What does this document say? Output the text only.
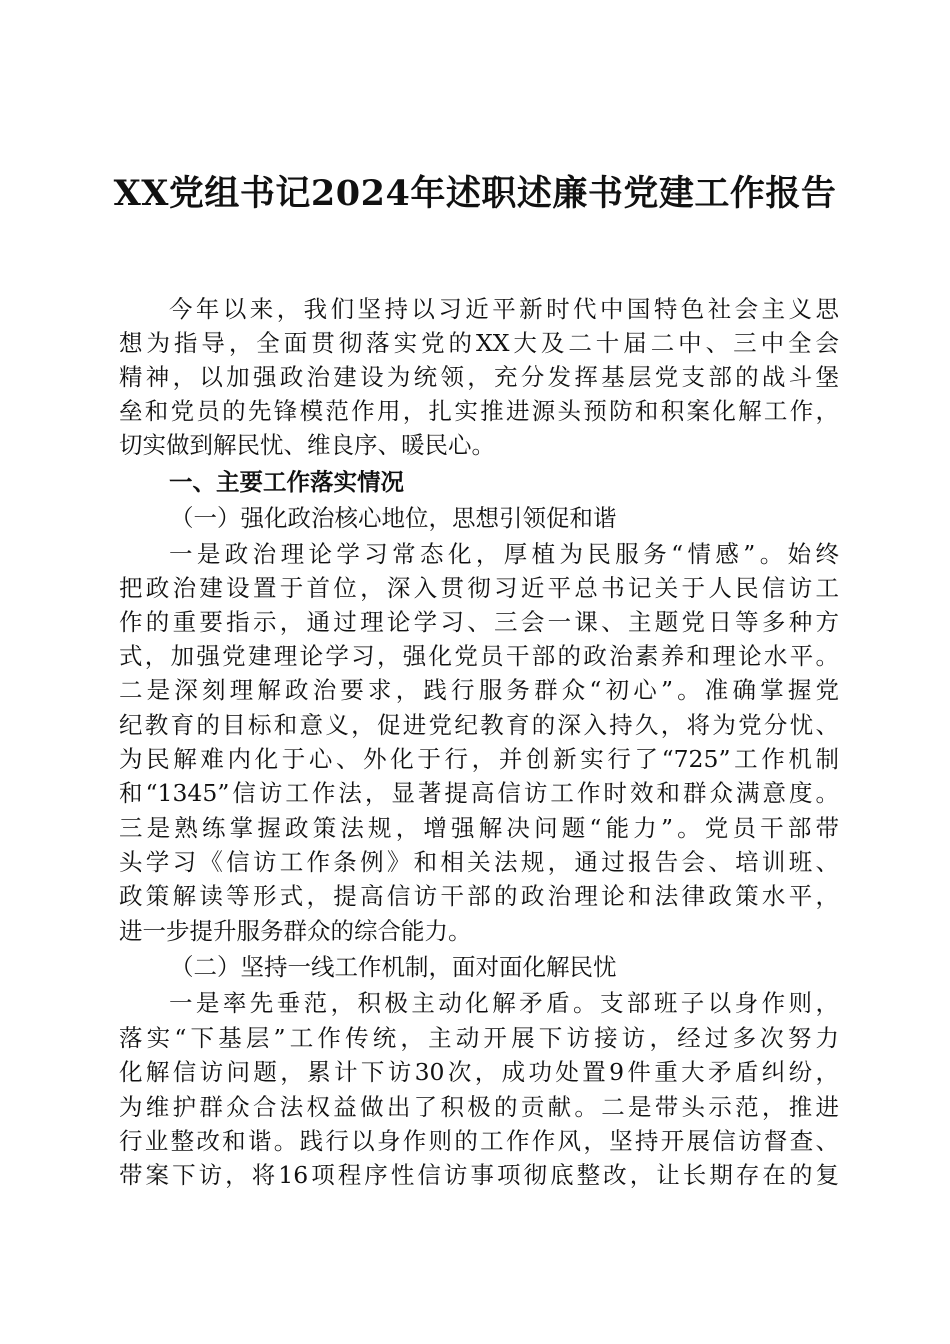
XX党组书记2024年述职述廉书党建工作报告
今年以来，我们坚持以习近平新时代中国特色社会主义思
想为指导，全面贯彻落实党的XX大及二十届二中、三中全会
精神，以加强政治建设为统领，充分发挥基层党支部的战斗堡
垒和党员的先锋模范作用，扎实推进源头预防和积案化解工作，
切实做到解民忧、维良序、暖民心。
一、主要工作落实情况
（一）强化政治核心地位，思想引领促和谐
一是政治理论学习常态化，厚植为民服务“情感”。始终
把政治建设置于首位，深入贯彻习近平总书记关于人民信访工
作的重要指示，通过理论学习、三会一课、主题党日等多种方
式，加强党建理论学习，强化党员干部的政治素养和理论水平。
二是深刻理解政治要求，践行服务群众“初心”。准确掌握党
纪教育的目标和意义，促进党纪教育的深入持久，将为党分忧、
为民解难内化于心、外化于行，并创新实行了“725”工作机制
和“1345”信访工作法，显著提高信访工作时效和群众满意度。
三是熟练掌握政策法规，增强解决问题“能力”。党员干部带
头学习《信访工作条例》和相关法规，通过报告会、培训班、
政策解读等形式，提高信访干部的政治理论和法律政策水平，
进一步提升服务群众的综合能力。
（二）坚持一线工作机制，面对面化解民忧
一是率先垂范，积极主动化解矛盾。支部班子以身作则，
落实“下基层”工作传统，主动开展下访接访，经过多次努力
化解信访问题，累计下访30次，成功处置9件重大矛盾纠纷，
为维护群众合法权益做出了积极的贡献。二是带头示范，推进
行业整改和谐。践行以身作则的工作作风，坚持开展信访督查、
带案下访，将16项程序性信访事项彻底整改，让长期存在的复
